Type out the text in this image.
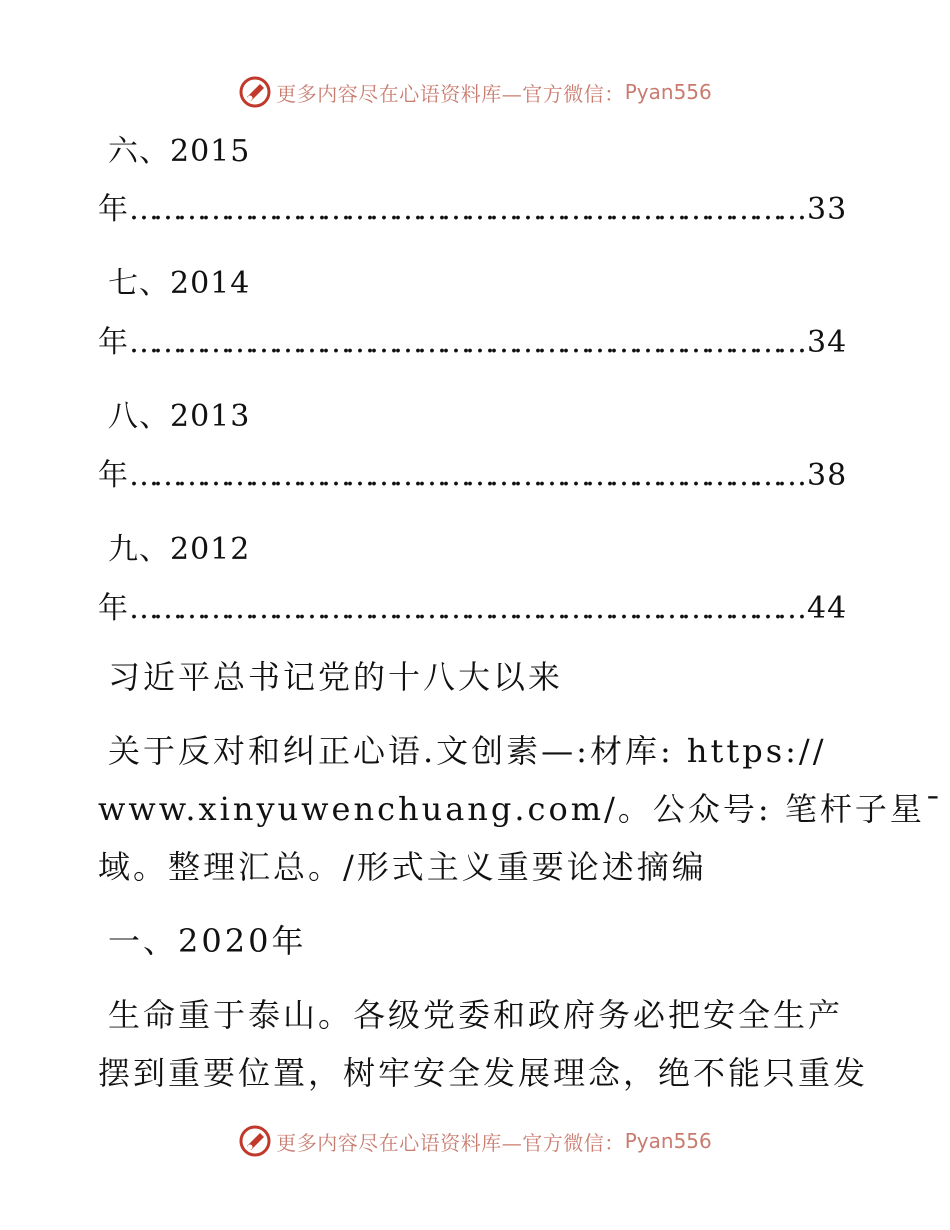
更多内容尽在心语资料库—官方微信： Pyan556
六、2015
年………………………………………………………………………… 33
七、2014
年………………………………………………………………………… 34
八、2013
年………………………………………………………………………… 38
九、2012
年………………………………………………………………………… 44
习近平总书记党的十八大以来
关于反对和纠正心语.文创素—:材库: https://
www.xinyuwenchuang.com/。公众号: 笔杆子星¯
域。整理汇总。/形式主义重要论述摘编
一、2020年
生命重于泰山。各级党委和政府务必把安全生产
摆到重要位置，树牢安全发展理念，绝不能只重发
更多内容尽在心语资料库—官方微信： Pyan556
